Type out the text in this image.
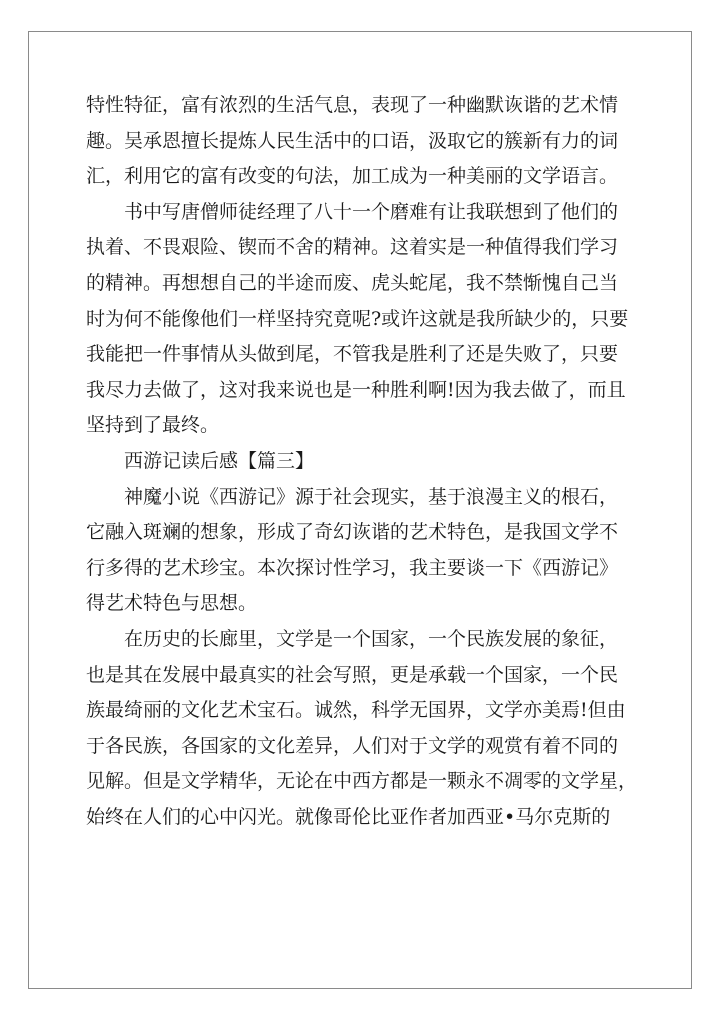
特性特征，富有浓烈的生活气息，表现了一种幽默诙谐的艺术情
趣。吴承恩擅长提炼人民生活中的口语，汲取它的簇新有力的词
汇，利用它的富有改变的句法，加工成为一种美丽的文学语言。
书中写唐僧师徒经理了八十一个磨难有让我联想到了他们的
执着、不畏艰险、锲而不舍的精神。这着实是一种值得我们学习
的精神。再想想自己的半途而废、虎头蛇尾，我不禁惭愧自己当
时为何不能像他们一样坚持究竟呢?或许这就是我所缺少的，只要
我能把一件事情从头做到尾，不管我是胜利了还是失败了，只要
我尽力去做了，这对我来说也是一种胜利啊!因为我去做了，而且
坚持到了最终。
西游记读后感【篇三】
神魔小说《西游记》源于社会现实，基于浪漫主义的根石，
它融入斑斓的想象，形成了奇幻诙谐的艺术特色，是我国文学不
行多得的艺术珍宝。本次探讨性学习，我主要谈一下《西游记》
得艺术特色与思想。
在历史的长廊里，文学是一个国家，一个民族发展的象征，
也是其在发展中最真实的社会写照，更是承载一个国家，一个民
族最绮丽的文化艺术宝石。诚然，科学无国界，文学亦美焉!但由
于各民族，各国家的文化差异，人们对于文学的观赏有着不同的
见解。但是文学精华，无论在中西方都是一颗永不凋零的文学星，
始终在人们的心中闪光。就像哥伦比亚作者加西亚•马尔克斯的
